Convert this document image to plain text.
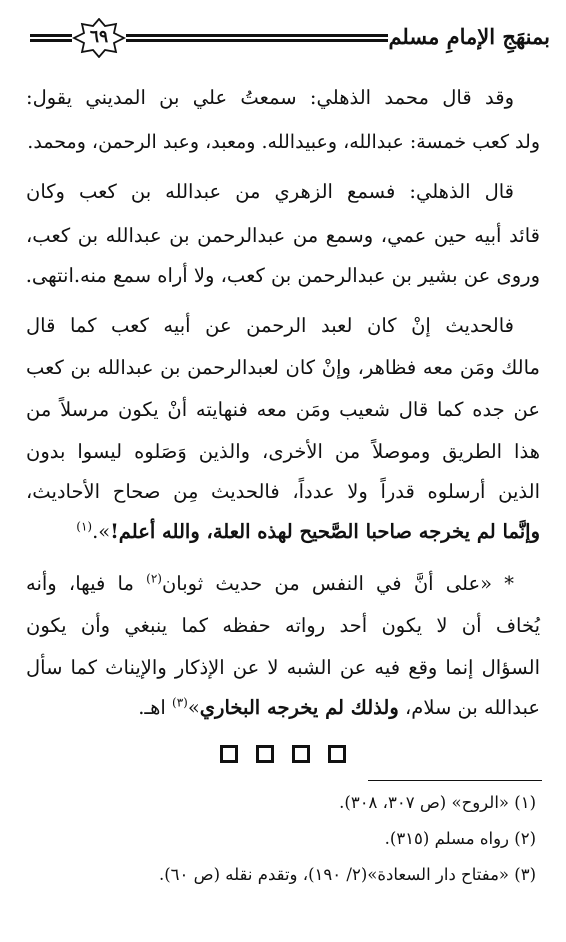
بمنهَجِ الإمامِ مسلم
٦٩
وقد قال محمد الذهلي: سمعتُ علي بن المديني يقول:
ولد كعب خمسة: عبدالله، وعبيدالله. ومعبد، وعبد الرحمن، ومحمد.
قال الذهلي: فسمع الزهري من عبدالله بن كعب وكان
قائد أبيه حين عمي، وسمع من عبدالرحمن بن عبدالله بن كعب،
وروى عن بشير بن عبدالرحمن بن كعب، ولا أراه سمع منه.انتهى.
فالحديث إنْ كان لعبد الرحمن عن أبيه كعب كما قال
مالك ومَن معه فظاهر، وإنْ كان لعبدالرحمن بن عبدالله بن كعب
عن جده كما قال شعيب ومَن معه فنهايته أنْ يكون مرسلاً من
هذا الطريق وموصلاً من الأخرى، والذين وَصَلوه ليسوا بدون
الذين أرسلوه قدراً ولا عدداً، فالحديث مِن صحاح الأحاديث،
وإنَّما لم يخرجه صاحبا الصَّحيح لهذه العلة، والله أعلم!».$^{(١)}$
* «على أنَّ في النفس من حديث ثوبان$^{(٢)}$ ما فيها، وأنه
يُخاف أن لا يكون أحد رواته حفظه كما ينبغي وأن يكون
السؤال إنما وقع فيه عن الشبه لا عن الإذكار والإيناث كما سأل
عبدالله بن سلام، ولذلك لم يخرجه البخاري»$^{(٣)}$ اهـ.
(١) «الروح» (ص ٣٠٧، ٣٠٨).
(٢) رواه مسلم (٣١٥).
(٣) «مفتاح دار السعادة»(٢/ ١٩٠)، وتقدم نقله (ص ٦٠).
